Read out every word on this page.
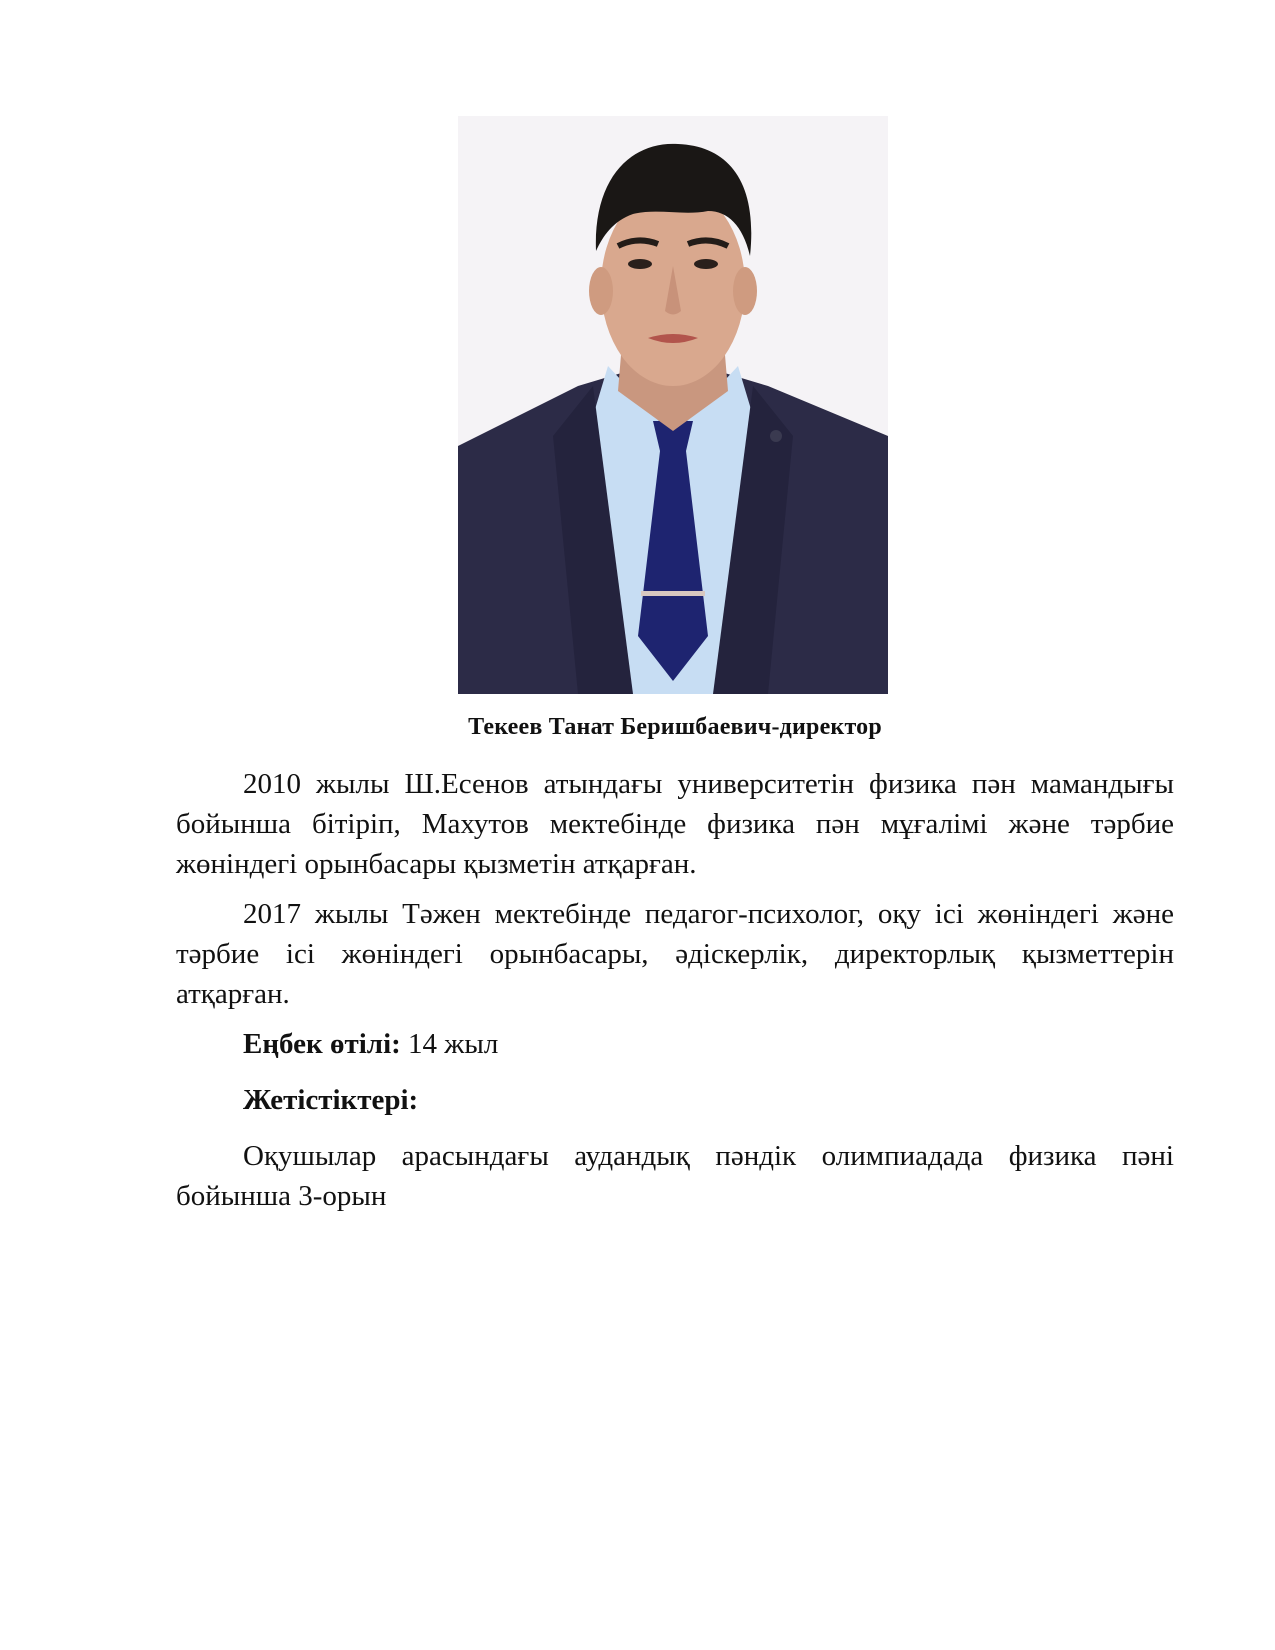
Текеев Танат Беришбаевич-директор
2010 жылы Ш.Есенов атындағы университетін физика пән мамандығы бойынша бітіріп, Махутов мектебінде физика пән мұғалімі және тәрбие жөніндегі орынбасары қызметін атқарған.
2017 жылы Тәжен мектебінде педагог-психолог, оқу ісі жөніндегі және тәрбие ісі жөніндегі орынбасары, әдіскерлік, директорлық қызметтерін атқарған.
Еңбек өтілі: 14 жыл
Жетістіктері:
Оқушылар арасындағы аудандық пәндік олимпиадада физика пәні бойынша 3-орын
